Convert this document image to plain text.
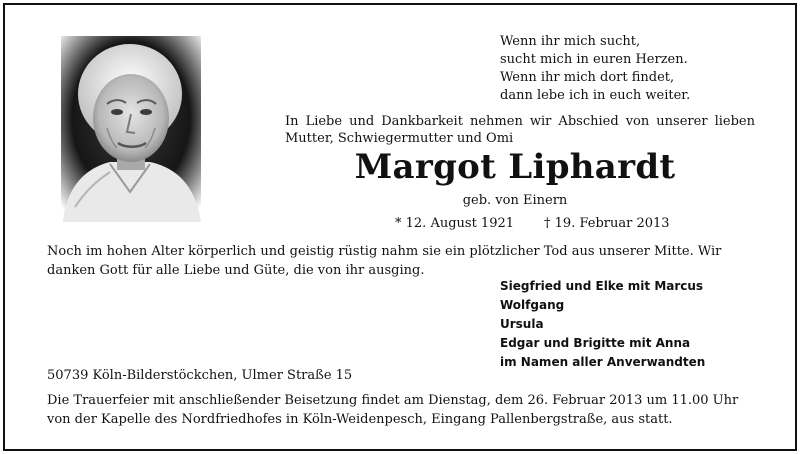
Wenn ihr mich sucht,
sucht mich in euren Herzen.
Wenn ihr mich dort findet,
dann lebe ich in euch weiter.
In Liebe und Dankbarkeit nehmen wir Abschied von unserer lieben Mutter, Schwiegermutter und Omi
Margot Liphardt
geb. von Einern
* 12. August 1921 † 19. Februar 2013
Noch im hohen Alter körperlich und geistig rüstig nahm sie ein plötzlicher Tod aus unserer Mitte. Wir danken Gott für alle Liebe und Güte, die von ihr ausging.
Siegfried und Elke mit Marcus
Wolfgang
Ursula
Edgar und Brigitte mit Anna
im Namen aller Anverwandten
50739 Köln-Bilderstöckchen, Ulmer Straße 15
Die Trauerfeier mit anschließender Beisetzung findet am Dienstag, dem 26. Februar 2013 um 11.00 Uhr von der Kapelle des Nordfriedhofes in Köln-Weidenpesch, Eingang Pallenbergstraße, aus statt.
